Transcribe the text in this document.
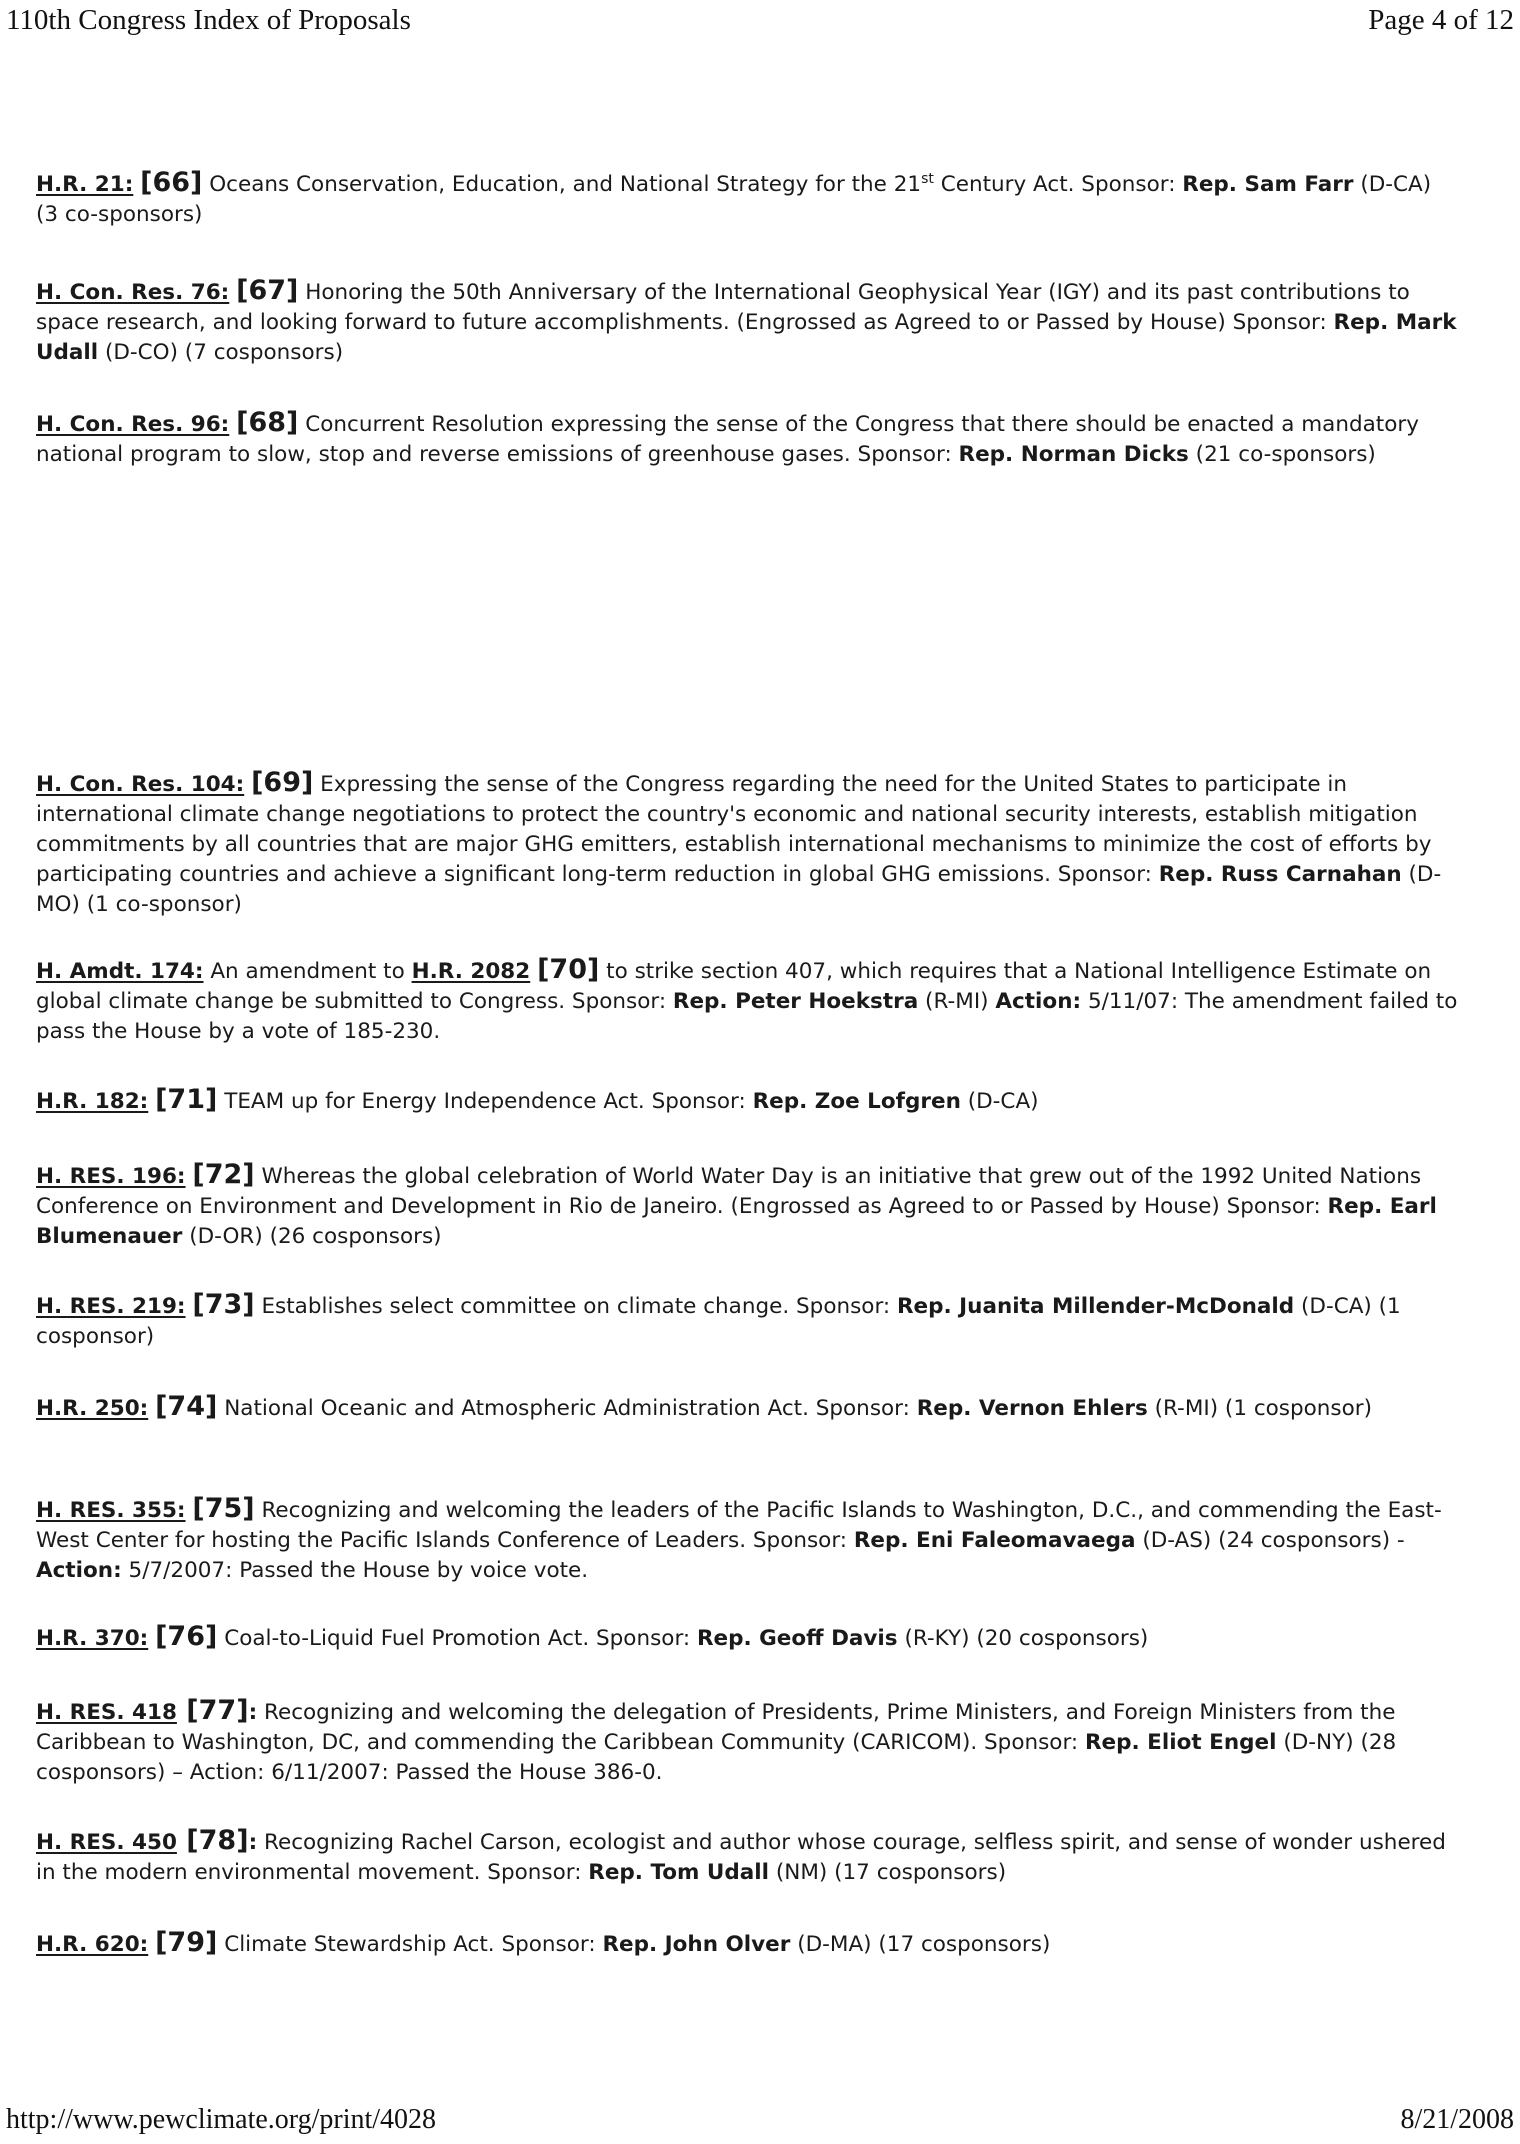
110th Congress Index of Proposals	Page 4 of 12
H.R. 21: [66] Oceans Conservation, Education, and National Strategy for the 21st Century Act. Sponsor: Rep. Sam Farr (D-CA) (3 co-sponsors)
H. Con. Res. 76: [67] Honoring the 50th Anniversary of the International Geophysical Year (IGY) and its past contributions to space research, and looking forward to future accomplishments. (Engrossed as Agreed to or Passed by House) Sponsor: Rep. Mark Udall (D-CO) (7 cosponsors)
H. Con. Res. 96: [68] Concurrent Resolution expressing the sense of the Congress that there should be enacted a mandatory national program to slow, stop and reverse emissions of greenhouse gases. Sponsor: Rep. Norman Dicks (21 co-sponsors)
H. Con. Res. 104: [69] Expressing the sense of the Congress regarding the need for the United States to participate in international climate change negotiations to protect the country's economic and national security interests, establish mitigation commitments by all countries that are major GHG emitters, establish international mechanisms to minimize the cost of efforts by participating countries and achieve a significant long-term reduction in global GHG emissions. Sponsor: Rep. Russ Carnahan (D-MO) (1 co-sponsor)
H. Amdt. 174: An amendment to H.R. 2082 [70] to strike section 407, which requires that a National Intelligence Estimate on global climate change be submitted to Congress. Sponsor: Rep. Peter Hoekstra (R-MI) Action: 5/11/07: The amendment failed to pass the House by a vote of 185-230.
H.R. 182: [71] TEAM up for Energy Independence Act. Sponsor: Rep. Zoe Lofgren (D-CA)
H. RES. 196: [72] Whereas the global celebration of World Water Day is an initiative that grew out of the 1992 United Nations Conference on Environment and Development in Rio de Janeiro. (Engrossed as Agreed to or Passed by House) Sponsor: Rep. Earl Blumenauer (D-OR) (26 cosponsors)
H. RES. 219: [73] Establishes select committee on climate change. Sponsor: Rep. Juanita Millender-McDonald (D-CA) (1 cosponsor)
H.R. 250: [74] National Oceanic and Atmospheric Administration Act. Sponsor: Rep. Vernon Ehlers (R-MI) (1 cosponsor)
H. RES. 355: [75] Recognizing and welcoming the leaders of the Pacific Islands to Washington, D.C., and commending the East-West Center for hosting the Pacific Islands Conference of Leaders. Sponsor: Rep. Eni Faleomavaega (D-AS) (24 cosponsors) - Action: 5/7/2007: Passed the House by voice vote.
H.R. 370: [76] Coal-to-Liquid Fuel Promotion Act. Sponsor: Rep. Geoff Davis (R-KY) (20 cosponsors)
H. RES. 418 [77]: Recognizing and welcoming the delegation of Presidents, Prime Ministers, and Foreign Ministers from the Caribbean to Washington, DC, and commending the Caribbean Community (CARICOM). Sponsor: Rep. Eliot Engel (D-NY) (28 cosponsors) – Action: 6/11/2007: Passed the House 386-0.
H. RES. 450 [78]: Recognizing Rachel Carson, ecologist and author whose courage, selfless spirit, and sense of wonder ushered in the modern environmental movement. Sponsor: Rep. Tom Udall (NM) (17 cosponsors)
H.R. 620: [79] Climate Stewardship Act. Sponsor: Rep. John Olver (D-MA) (17 cosponsors)
http://www.pewclimate.org/print/4028	8/21/2008
